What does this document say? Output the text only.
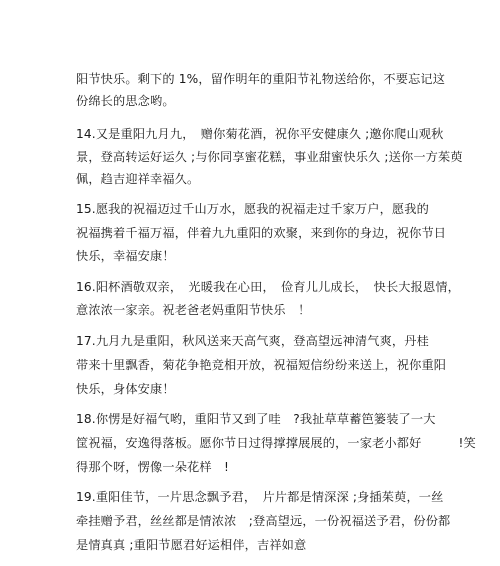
阳节快乐。剩下的 1%，留作明年的重阳节礼物送给你，不要忘记这
份绵长的思念哟。
14.又是重阳九月九，　赠你菊花酒，祝你平安健康久 ;邀你爬山观秋
景，登高转运好运久 ;与你同享蜜花糕，事业甜蜜快乐久 ;送你一方茱萸
佩，趋吉迎祥幸福久。
15.愿我的祝福迈过千山万水，愿我的祝福走过千家万户，愿我的
祝福携着千福万福，伴着九九重阳的欢聚，来到你的身边，祝你节日
快乐，幸福安康！
16.阳杯酒敬双亲，　光暖我在心田，　俭育儿儿成长，　快长大报恩情，
意浓浓一家亲。祝老爸老妈重阳节快乐　！
17.九月九是重阳，秋风送来天高气爽，登高望远神清气爽，丹桂
带来十里飘香，菊花争艳竞相开放，祝福短信纷纷来送上，祝你重阳
快乐，身体安康！
18.你愣是好福气哟，重阳节又到了哇　?我扯草草蓄笆篓装了一大
筐祝福，安逸得落板。愿你节日过得撑撑展展的，一家老小都好　　　!笑
得那个呀，愣像一朵花样　!
19.重阳佳节，一片思念飘予君，　片片都是情深深 ;身插茱萸，一丝
牵挂赠予君，丝丝都是情浓浓　;登高望远，一份祝福送予君，份份都
是情真真 ;重阳节愿君好运相伴，吉祥如意
